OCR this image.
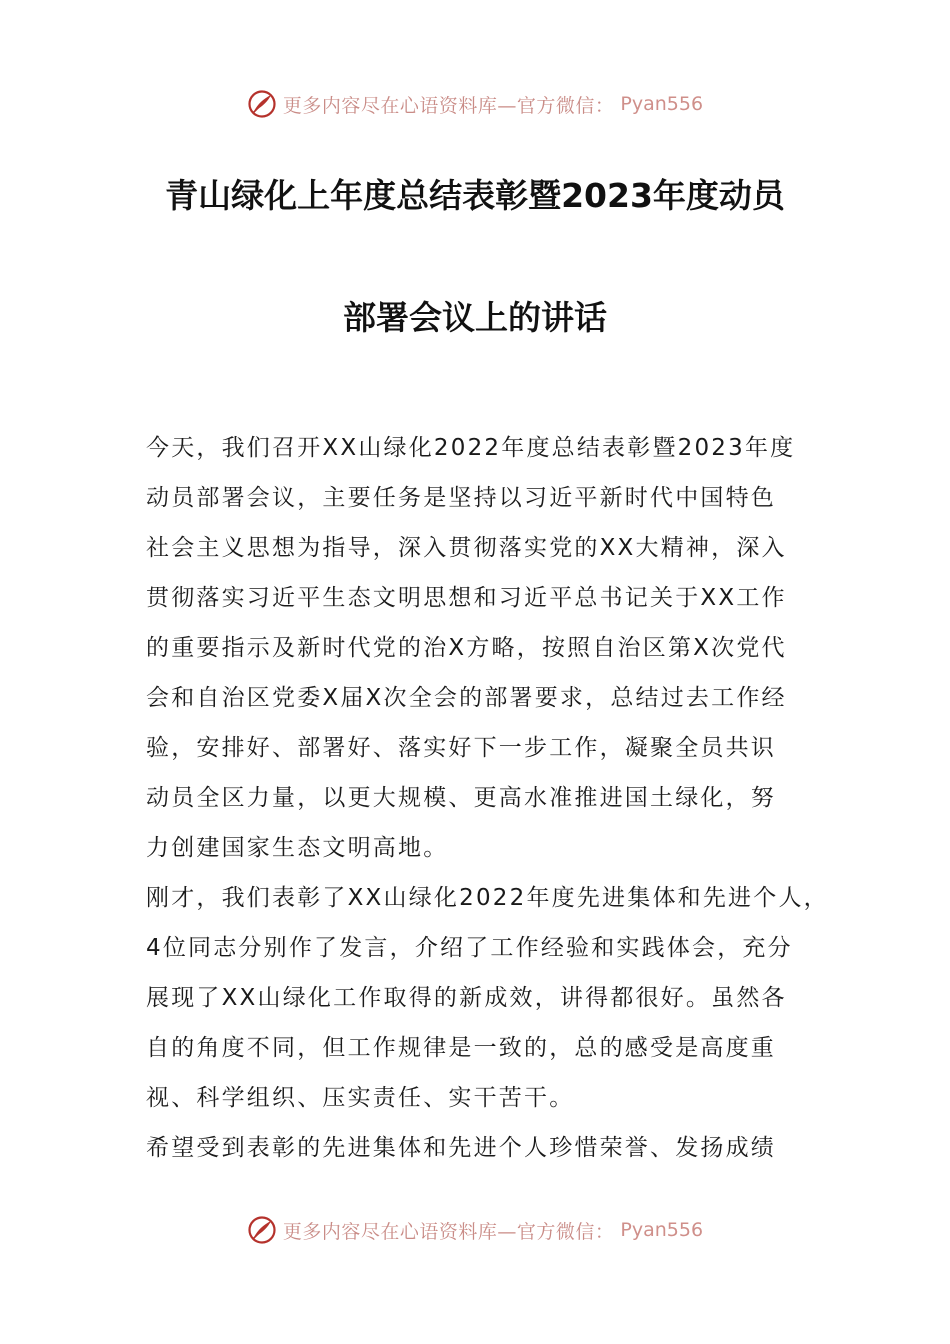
更多内容尽在心语资料库—官方微信： Pyan556
青山绿化上年度总结表彰暨2023年度动员
部署会议上的讲话
今天，我们召开XX山绿化2022年度总结表彰暨2023年度
动员部署会议，主要任务是坚持以习近平新时代中国特色
社会主义思想为指导，深入贯彻落实党的XX大精神，深入
贯彻落实习近平生态文明思想和习近平总书记关于XX工作
的重要指示及新时代党的治X方略，按照自治区第X次党代
会和自治区党委X届X次全会的部署要求，总结过去工作经
验，安排好、部署好、落实好下一步工作，凝聚全员共识
动员全区力量，以更大规模、更高水准推进国土绿化，努
力创建国家生态文明高地。
刚才，我们表彰了XX山绿化2022年度先进集体和先进个人，
4位同志分别作了发言，介绍了工作经验和实践体会，充分
展现了XX山绿化工作取得的新成效，讲得都很好。虽然各
自的角度不同，但工作规律是一致的，总的感受是高度重
视、科学组织、压实责任、实干苦干。
希望受到表彰的先进集体和先进个人珍惜荣誉、发扬成绩
更多内容尽在心语资料库—官方微信： Pyan556
